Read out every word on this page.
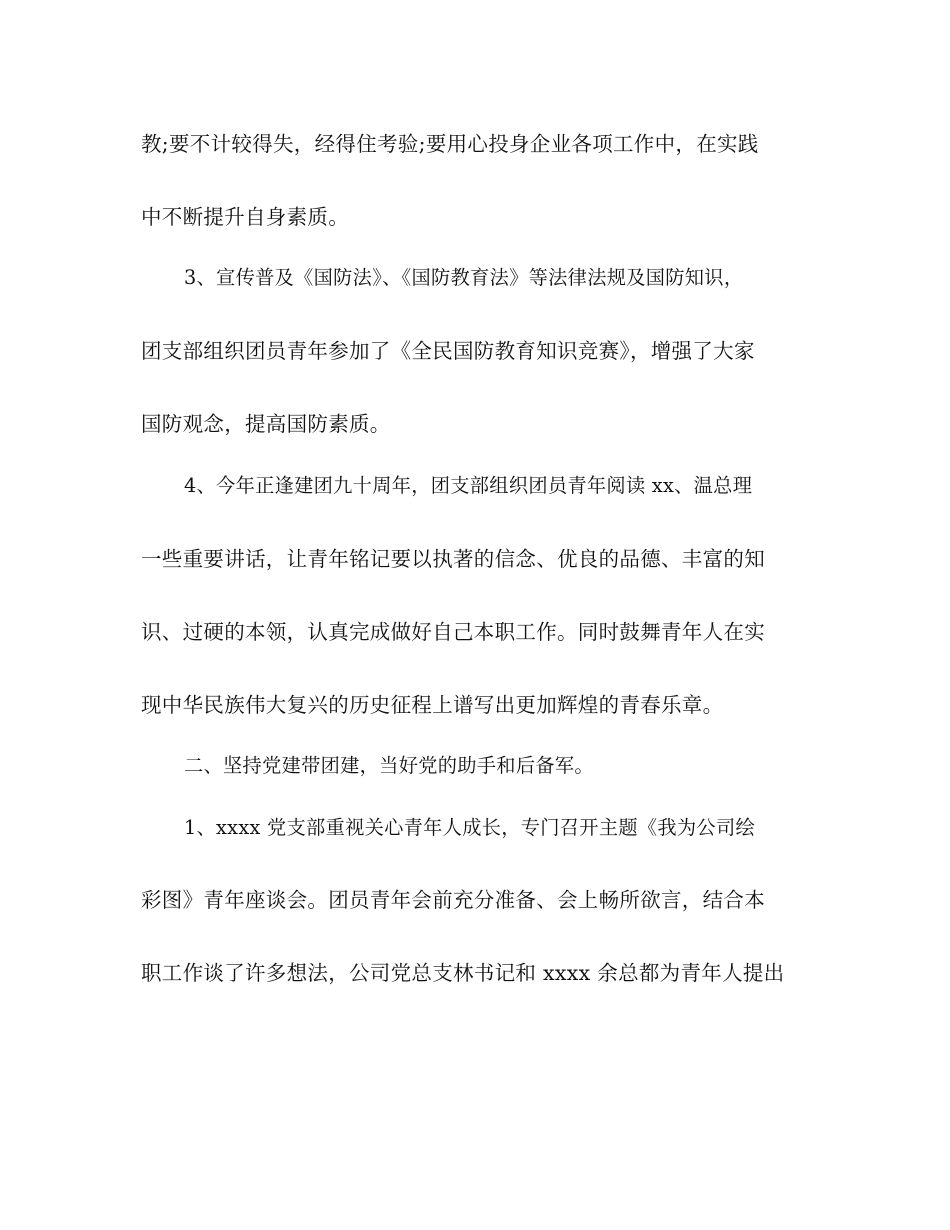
教;要不计较得失，经得住考验;要用心投身企业各项工作中，在实践
中不断提升自身素质。
3、宣传普及《国防法》、《国防教育法》等法律法规及国防知识，
团支部组织团员青年参加了《全民国防教育知识竞赛》，增强了大家
国防观念，提高国防素质。
4、今年正逢建团九十周年，团支部组织团员青年阅读 xx、温总理
一些重要讲话，让青年铭记要以执著的信念、优良的品德、丰富的知
识、过硬的本领，认真完成做好自己本职工作。同时鼓舞青年人在实
现中华民族伟大复兴的历史征程上谱写出更加辉煌的青春乐章。
二、坚持党建带团建，当好党的助手和后备军。
1、xxxx 党支部重视关心青年人成长，专门召开主题《我为公司绘
彩图》青年座谈会。团员青年会前充分准备、会上畅所欲言，结合本
职工作谈了许多想法，公司党总支林书记和 xxxx 余总都为青年人提出
